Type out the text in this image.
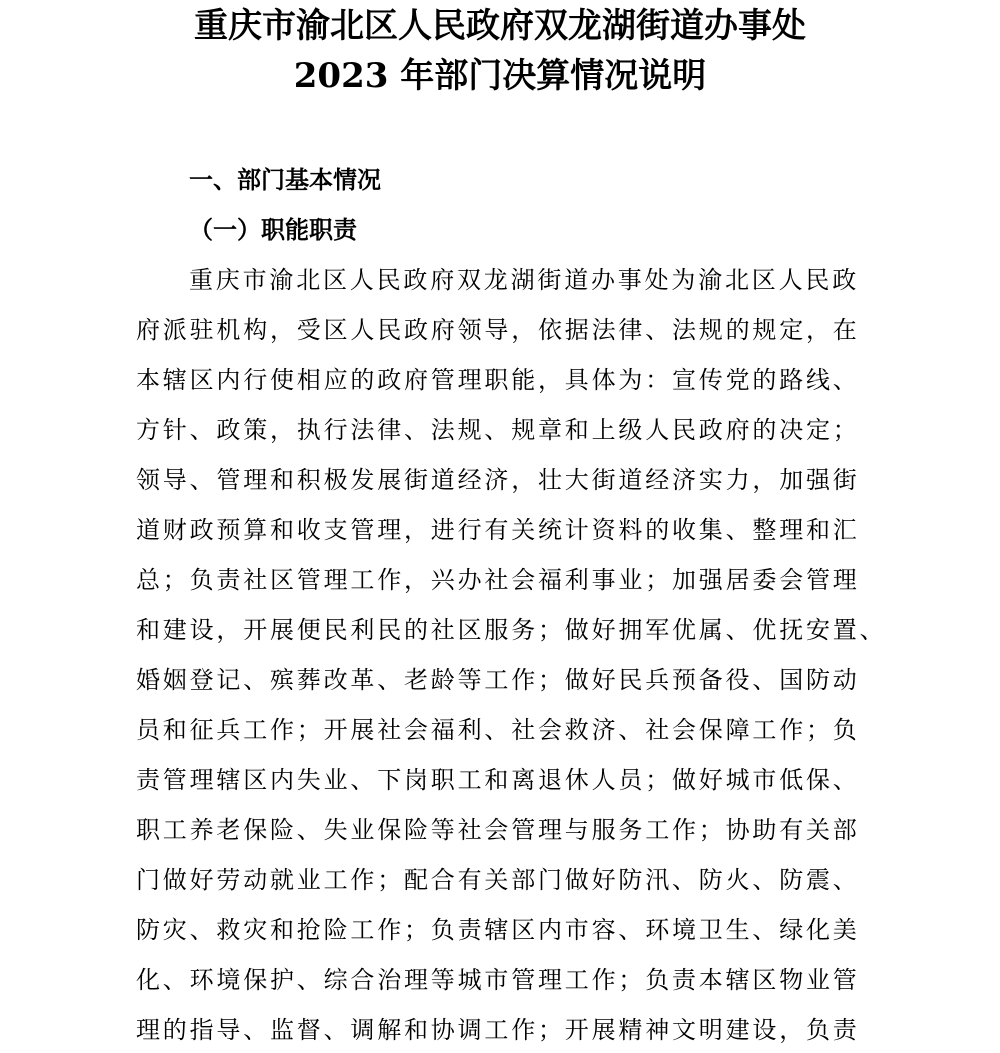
重庆市渝北区人民政府双龙湖街道办事处
2023 年部门决算情况说明
一、部门基本情况
（一）职能职责

重庆市渝北区人民政府双龙湖街道办事处为渝北区人民政

府派驻机构，受区人民政府领导，依据法律、法规的规定，在

本辖区内行使相应的政府管理职能，具体为：宣传党的路线、

方针、政策，执行法律、法规、规章和上级人民政府的决定；

领导、管理和积极发展街道经济，壮大街道经济实力，加强街

道财政预算和收支管理，进行有关统计资料的收集、整理和汇

总；负责社区管理工作，兴办社会福利事业；加强居委会管理

和建设，开展便民利民的社区服务；做好拥军优属、优抚安置、

婚姻登记、殡葬改革、老龄等工作；做好民兵预备役、国防动

员和征兵工作；开展社会福利、社会救济、社会保障工作；负

责管理辖区内失业、下岗职工和离退休人员；做好城市低保、

职工养老保险、失业保险等社会管理与服务工作；协助有关部

门做好劳动就业工作；配合有关部门做好防汛、防火、防震、

防灾、救灾和抢险工作；负责辖区内市容、环境卫生、绿化美

化、环境保护、综合治理等城市管理工作；负责本辖区物业管

理的指导、监督、调解和协调工作；开展精神文明建设，负责
